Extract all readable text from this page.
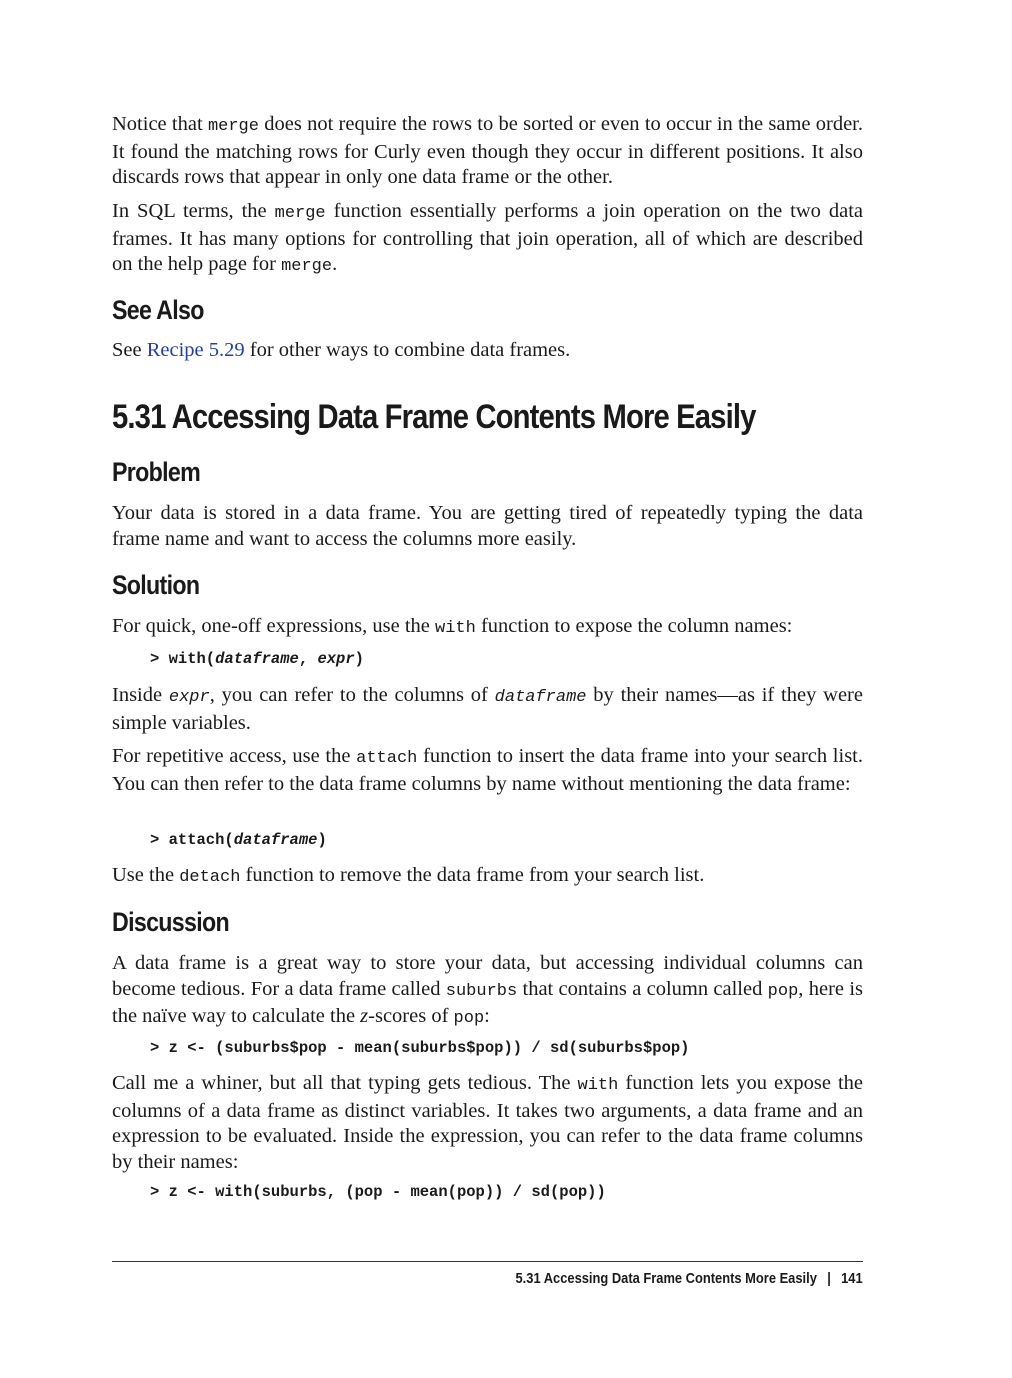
Notice that merge does not require the rows to be sorted or even to occur in the same order. It found the matching rows for Curly even though they occur in different positions. It also discards rows that appear in only one data frame or the other.

In SQL terms, the merge function essentially performs a join operation on the two data frames. It has many options for controlling that join operation, all of which are described on the help page for merge.

See Also

See Recipe 5.29 for other ways to combine data frames.

5.31 Accessing Data Frame Contents More Easily
Problem

Your data is stored in a data frame. You are getting tired of repeatedly typing the data frame name and want to access the columns more easily.

Solution

For quick, one-off expressions, use the with function to expose the column names:

> with(dataframe, expr)

Inside expr, you can refer to the columns of dataframe by their names—as if they were simple variables.

For repetitive access, use the attach function to insert the data frame into your search list. You can then refer to the data frame columns by name without mentioning the data frame:

> attach(dataframe)

Use the detach function to remove the data frame from your search list.

Discussion

A data frame is a great way to store your data, but accessing individual columns can become tedious. For a data frame called suburbs that contains a column called pop, here is the naïve way to calculate the z-scores of pop:

> z <- (suburbs$pop - mean(suburbs$pop)) / sd(suburbs$pop)

Call me a whiner, but all that typing gets tedious. The with function lets you expose the columns of a data frame as distinct variables. It takes two arguments, a data frame and an expression to be evaluated. Inside the expression, you can refer to the data frame columns by their names:

> z <- with(suburbs, (pop - mean(pop)) / sd(pop))
5.31 Accessing Data Frame Contents More Easily | 141
